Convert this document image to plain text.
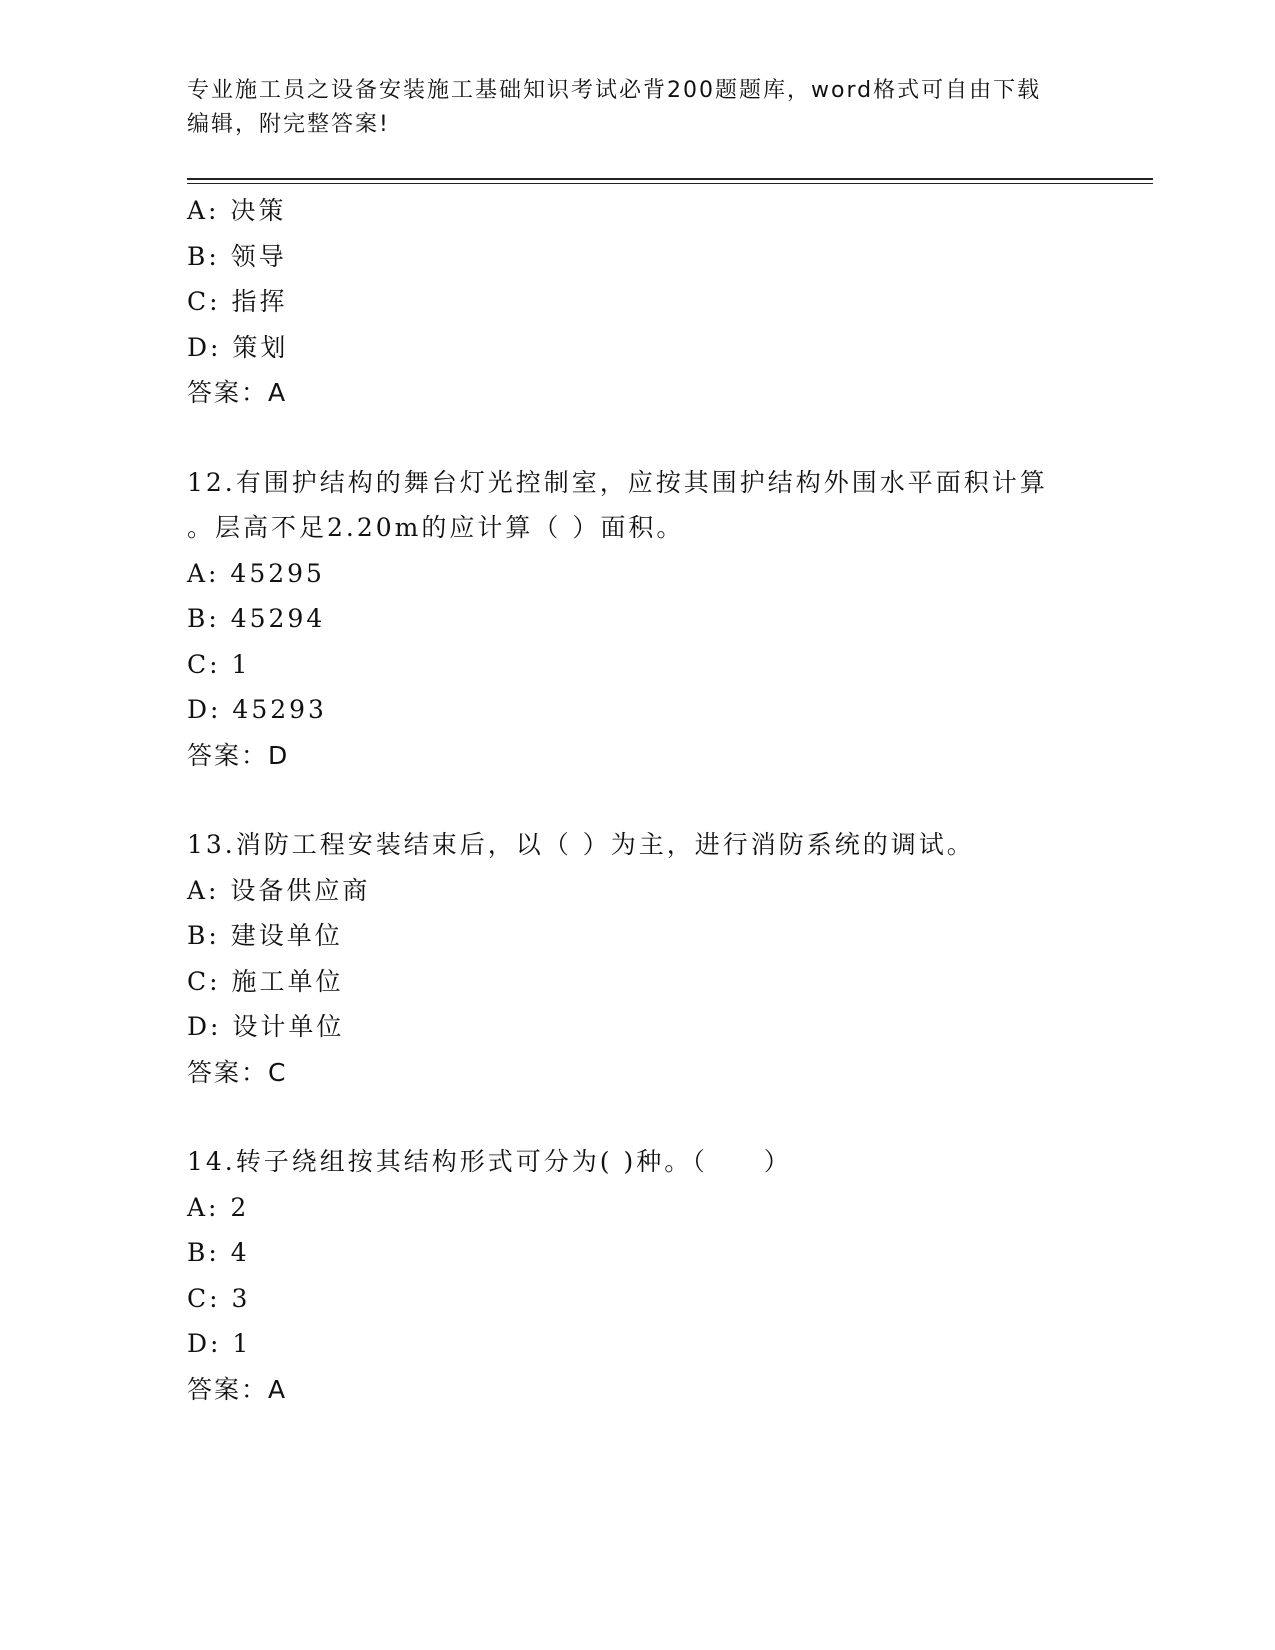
专业施工员之设备安装施工基础知识考试必背200题题库，word格式可自由下载
编辑，附完整答案!
A: 决策
B: 领导
C: 指挥
D: 策划
答案：A
12.有围护结构的舞台灯光控制室，应按其围护结构外围水平面积计算
。层高不足2.20m的应计算（ ）面积。
A: 45295
B: 45294
C: 1
D: 45293
答案：D
13.消防工程安装结束后，以（ ）为主，进行消防系统的调试。
A: 设备供应商
B: 建设单位
C: 施工单位
D: 设计单位
答案：C
14.转子绕组按其结构形式可分为( )种。（　　）
A: 2
B: 4
C: 3
D: 1
答案：A
